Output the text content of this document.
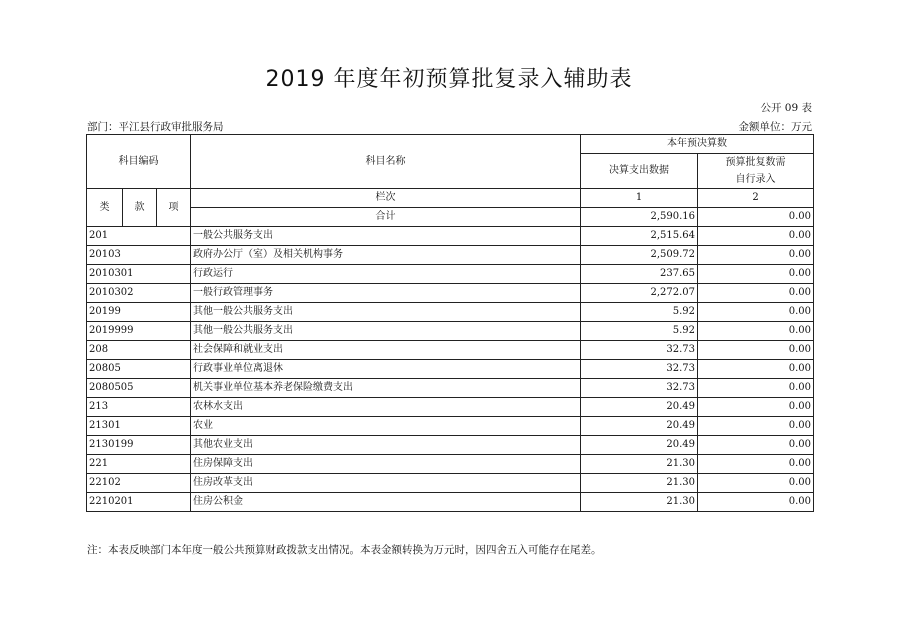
2019 年度年初预算批复录入辅助表
公开 09 表
部门：平江县行政审批服务局	金额单位：万元
科目编码			科目名称	本年预决算数	
				决算支出数据	预算批复数需
自行录入
类	款	项	栏次	1	2
			合计	2,590.16	0.00
201			一般公共服务支出	2,515.64	0.00
20103			政府办公厅（室）及相关机构事务	2,509.72	0.00
2010301			行政运行	237.65	0.00
2010302			一般行政管理事务	2,272.07	0.00
20199			其他一般公共服务支出	5.92	0.00
2019999			其他一般公共服务支出	5.92	0.00
208			社会保障和就业支出	32.73	0.00
20805			行政事业单位离退休	32.73	0.00
2080505			机关事业单位基本养老保险缴费支出	32.73	0.00
213			农林水支出	20.49	0.00
21301			农业	20.49	0.00
2130199			其他农业支出	20.49	0.00
221			住房保障支出	21.30	0.00
22102			住房改革支出	21.30	0.00
2210201			住房公积金	21.30	0.00
注：本表反映部门本年度一般公共预算财政拨款支出情况。本表金额转换为万元时，因四舍五入可能存在尾差。
